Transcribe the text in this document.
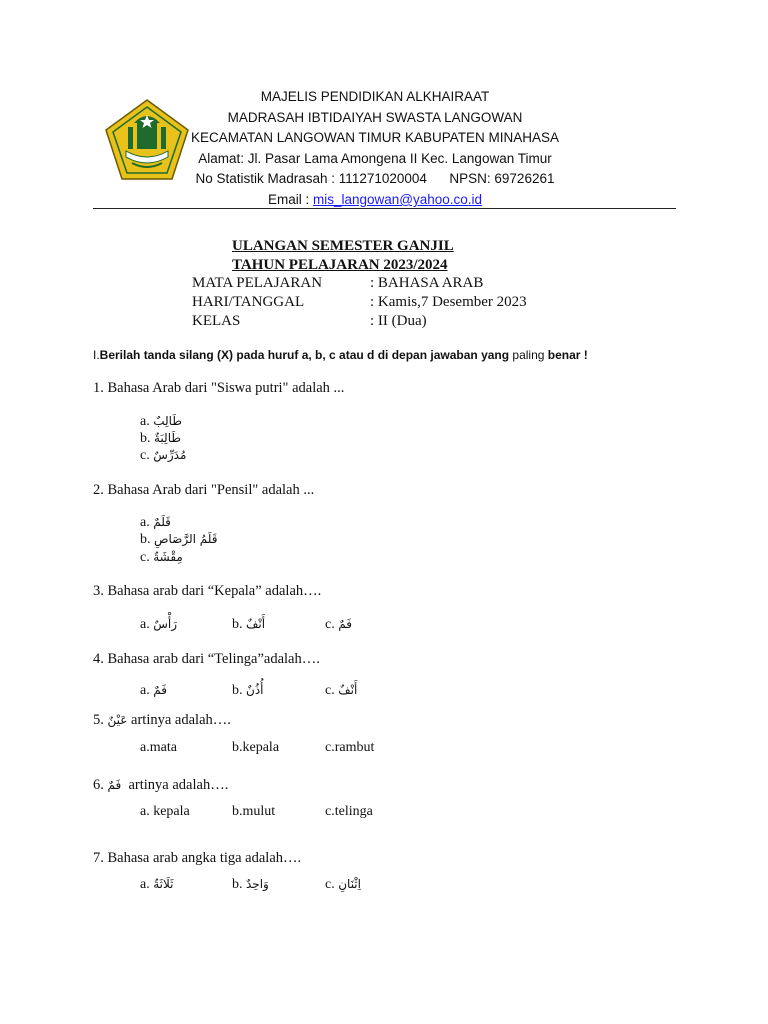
MAJELIS PENDIDIKAN ALKHAIRAAT
MADRASAH IBTIDAIYAH SWASTA LANGOWAN
KECAMATAN LANGOWAN TIMUR KABUPATEN MINAHASA
Alamat: Jl. Pasar Lama Amongena II Kec. Langowan Timur
No Statistik Madrasah : 111271020004      NPSN: 69726261
Email : mis_langowan@yahoo.co.id
ULANGAN SEMESTER GANJIL
TAHUN PELAJARAN 2023/2024
MATA PELAJARAN	: BAHASA ARAB
HARI/TANGGAL	: Kamis,7 Desember 2023
KELAS	: II (Dua)
I.Berilah tanda silang (X) pada huruf a, b, c atau d di depan jawaban yang paling benar !
1. Bahasa Arab dari "Siswa putri" adalah ...
a. طَالِبٌ
b. طَالِبَةٌ
c. مُدَرِّسٌ
2. Bahasa Arab dari "Pensil" adalah ...
a. قَلَمٌ
b. قَلَمُ الرَّصَاصِ
c. مِقْشَةٌ
3. Bahasa arab dari “Kepala” adalah….
a. رَأْسٌ	b. أَنْفٌ	c. فَمٌ
4. Bahasa arab dari “Telinga”adalah….
a. فَمٌ	b. أُذُنٌ	c. أَنْفٌ
5. عَيْنٌ artinya adalah….
a.mata	b.kepala	c.rambut
6. فَمٌ  artinya adalah….
a. kepala	b.mulut	c.telinga
7. Bahasa arab angka tiga adalah….
a. ثَلَاثَةٌ	b. وَاحِدٌ	c. اِثْنَانِ
